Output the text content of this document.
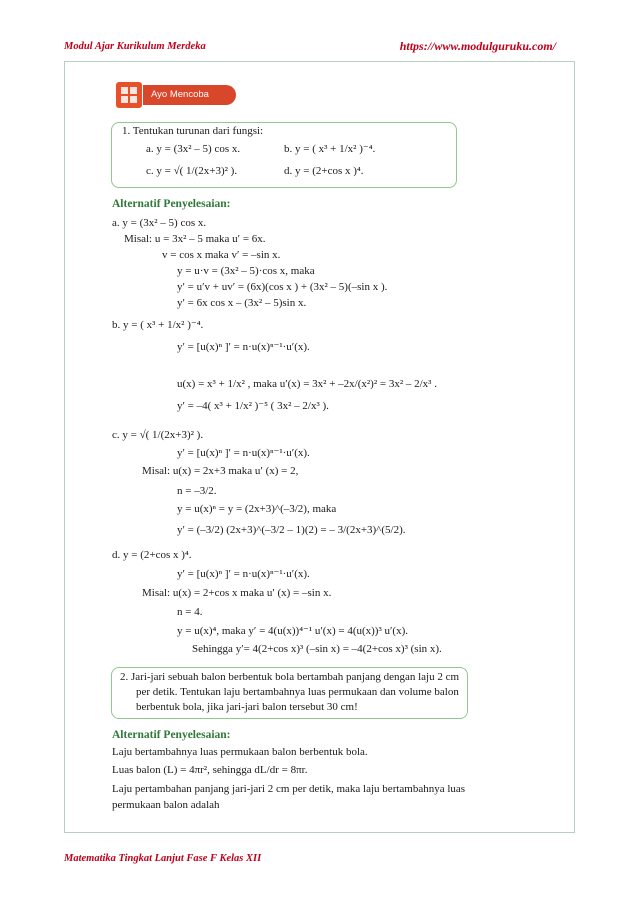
Modul Ajar Kurikulum Merdeka	https://www.modulguruku.com/
Ayo Mencoba
1. Tentukan turunan dari fungsi:
a. y = (3x² – 5) cos x.	b. y = ( x³ + 1/x² )⁻⁴.
c. y = √( 1/(2x+3)² ).	d. y = (2+cos x )⁴.
Alternatif Penyelesaian:
a. y = (3x² – 5) cos x.
Misal: u = 3x² – 5 maka u′ = 6x.
v = cos x maka v′ = –sin x.
y = u·v = (3x² – 5)·cos x, maka
y′ = u′v + uv′ = (6x)(cos x ) + (3x² – 5)(–sin x ).
y′ = 6x cos x – (3x² – 5)sin x.
b. y = ( x³ + 1/x² )⁻⁴.
y′ = [u(x)ⁿ ]′ = n·u(x)ⁿ⁻¹·u′(x).
u(x) = x³ + 1/x² , maka u′(x) = 3x² + –2x/(x²)² = 3x² – 2/x³ .
y′ = –4( x³ + 1/x² )⁻⁵ ( 3x² – 2/x³ ).
c. y = √( 1/(2x+3)² ).
y′ = [u(x)ⁿ ]′ = n·u(x)ⁿ⁻¹·u′(x).
Misal: u(x) = 2x+3 maka u′ (x) = 2,
n = –3/2.
y = u(x)ⁿ = y = (2x+3)^(–3/2), maka
y′ = (–3/2) (2x+3)^(–3/2 – 1)(2) = – 3/(2x+3)^(5/2).
d. y = (2+cos x )⁴.
y′ = [u(x)ⁿ ]′ = n·u(x)ⁿ⁻¹·u′(x).
Misal: u(x) = 2+cos x maka u′ (x) = –sin x.
n = 4.
y = u(x)⁴, maka y′ = 4(u(x))⁴⁻¹ u′(x) = 4(u(x))³ u′(x).
Sehingga y′= 4(2+cos x)³ (–sin x) = –4(2+cos x)³ (sin x).
2. Jari-jari sebuah balon berbentuk bola bertambah panjang dengan laju 2 cm
per detik. Tentukan laju bertambahnya luas permukaan dan volume balon
berbentuk bola, jika jari-jari balon tersebut 30 cm!
Alternatif Penyelesaian:
Laju bertambahnya luas permukaan balon berbentuk bola.
Luas balon (L) = 4πr², sehingga dL/dr = 8πr.
Laju pertambahan panjang jari-jari 2 cm per detik, maka laju bertambahnya luas
permukaan balon adalah
Matematika Tingkat Lanjut Fase F Kelas XII
